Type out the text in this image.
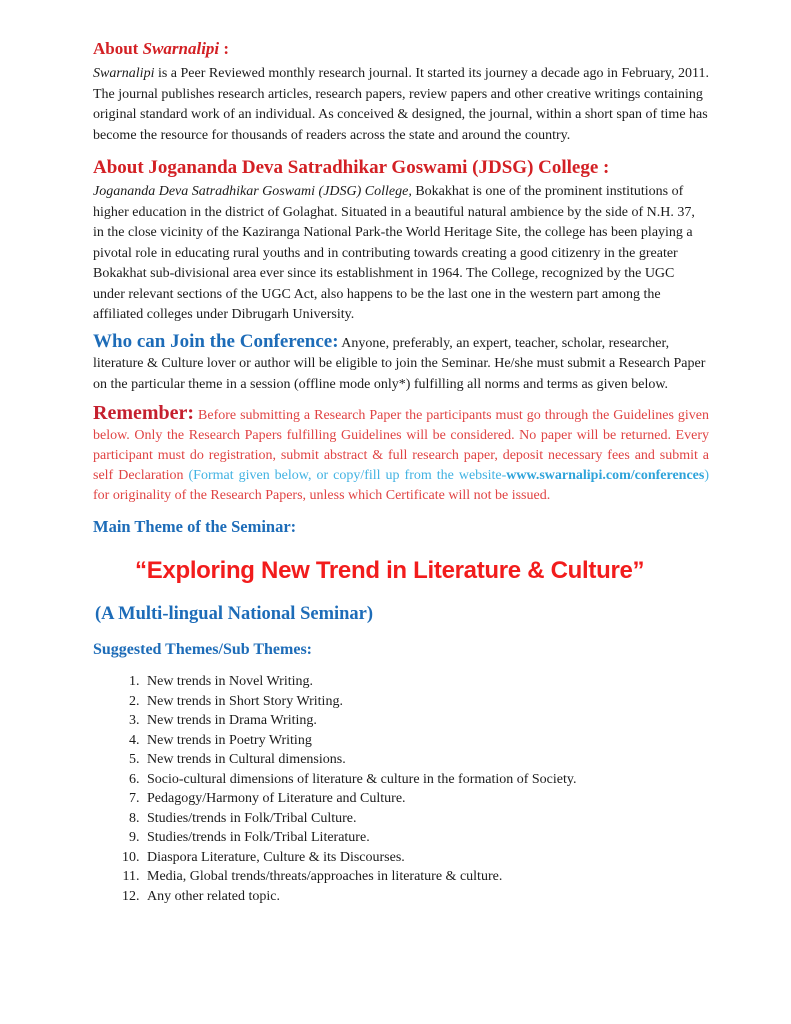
About Swarnalipi :

Swarnalipi is a Peer Reviewed monthly research journal. It started its journey a decade ago in February, 2011. The journal publishes research articles, research papers, review papers and other creative writings containing original standard work of an individual. As conceived & designed, the journal, within a short span of time has become the resource for thousands of readers across the state and around the country.

About Jogananda Deva Satradhikar Goswami (JDSG) College :

Jogananda Deva Satradhikar Goswami (JDSG) College, Bokakhat is one of the prominent institutions of higher education in the district of Golaghat. Situated in a beautiful natural ambience by the side of N.H. 37, in the close vicinity of the Kaziranga National Park-the World Heritage Site, the college has been playing a pivotal role in educating rural youths and in contributing towards creating a good citizenry in the greater Bokakhat sub-divisional area ever since its establishment in 1964. The College, recognized by the UGC under relevant sections of the UGC Act, also happens to be the last one in the western part among the affiliated colleges under Dibrugarh University.

Who can Join the Conference: Anyone, preferably, an expert, teacher, scholar, researcher, literature & Culture lover or author will be eligible to join the Seminar. He/she must submit a Research Paper on the particular theme in a session (offline mode only*) fulfilling all norms and terms as given below.

Remember: Before submitting a Research Paper the participants must go through the Guidelines given below. Only the Research Papers fulfilling Guidelines will be considered. No paper will be returned. Every participant must do registration, submit abstract & full research paper, deposit necessary fees and submit a self Declaration (Format given below, or copy/fill up from the website-www.swarnalipi.com/conferences) for originality of the Research Papers, unless which Certificate will not be issued.

Main Theme of the Seminar:
“Exploring New Trend in Literature & Culture”
(A Multi-lingual National Seminar)
Suggested Themes/Sub Themes:
1. New trends in Novel Writing.
2. New trends in Short Story Writing.
3. New trends in Drama Writing.
4. New trends in Poetry Writing
5. New trends in Cultural dimensions.
6. Socio-cultural dimensions of literature & culture in the formation of Society.
7. Pedagogy/Harmony of Literature and Culture.
8. Studies/trends in Folk/Tribal Culture.
9. Studies/trends in Folk/Tribal Literature.
10. Diaspora Literature, Culture & its Discourses.
11. Media, Global trends/threats/approaches in literature & culture.
12. Any other related topic.
